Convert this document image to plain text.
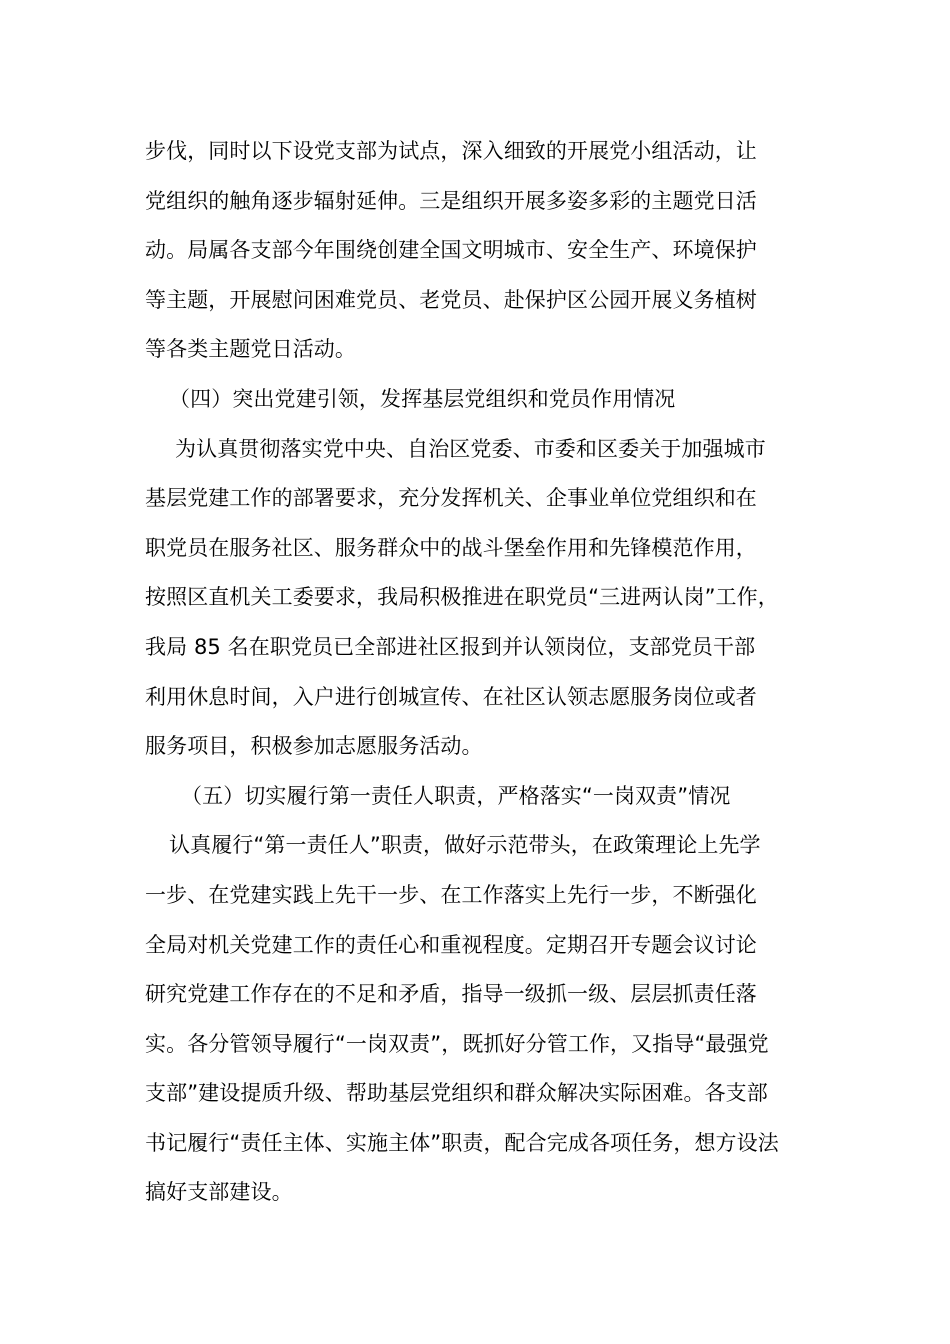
步伐，同时以下设党支部为试点，深入细致的开展党小组活动，让
党组织的触角逐步辐射延伸。三是组织开展多姿多彩的主题党日活
动。局属各支部今年围绕创建全国文明城市、安全生产、环境保护
等主题，开展慰问困难党员、老党员、赴保护区公园开展义务植树
等各类主题党日活动。
（四）突出党建引领，发挥基层党组织和党员作用情况
为认真贯彻落实党中央、自治区党委、市委和区委关于加强城市
基层党建工作的部署要求，充分发挥机关、企事业单位党组织和在
职党员在服务社区、服务群众中的战斗堡垒作用和先锋模范作用，
按照区直机关工委要求，我局积极推进在职党员“三进两认岗”工作，
我局 85 名在职党员已全部进社区报到并认领岗位，支部党员干部
利用休息时间，入户进行创城宣传、在社区认领志愿服务岗位或者
服务项目，积极参加志愿服务活动。
（五）切实履行第一责任人职责，严格落实“一岗双责”情况
认真履行“第一责任人”职责，做好示范带头，在政策理论上先学
一步、在党建实践上先干一步、在工作落实上先行一步，不断强化
全局对机关党建工作的责任心和重视程度。定期召开专题会议讨论
研究党建工作存在的不足和矛盾，指导一级抓一级、层层抓责任落
实。各分管领导履行“一岗双责”，既抓好分管工作，又指导“最强党
支部”建设提质升级、帮助基层党组织和群众解决实际困难。各支部
书记履行“责任主体、实施主体”职责，配合完成各项任务，想方设法
搞好支部建设。
